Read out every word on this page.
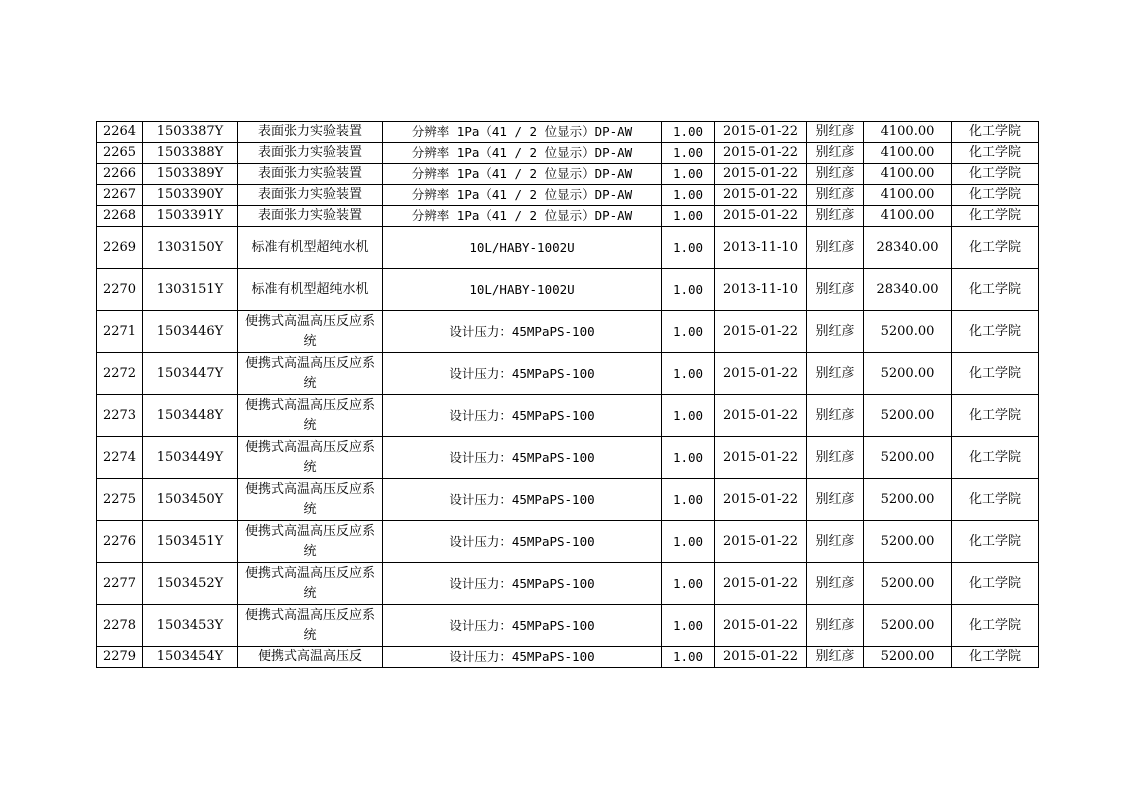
2264	1503387Y	表面张力实验装置	分辨率 1Pa（41 / 2 位显示）DP-AW	1.00	2015-01-22	别红彦	4100.00	化工学院
2265	1503388Y	表面张力实验装置	分辨率 1Pa（41 / 2 位显示）DP-AW	1.00	2015-01-22	别红彦	4100.00	化工学院
2266	1503389Y	表面张力实验装置	分辨率 1Pa（41 / 2 位显示）DP-AW	1.00	2015-01-22	别红彦	4100.00	化工学院
2267	1503390Y	表面张力实验装置	分辨率 1Pa（41 / 2 位显示）DP-AW	1.00	2015-01-22	别红彦	4100.00	化工学院
2268	1503391Y	表面张力实验装置	分辨率 1Pa（41 / 2 位显示）DP-AW	1.00	2015-01-22	别红彦	4100.00	化工学院
2269	1303150Y	标准有机型超纯水机	10L/HABY-1002U	1.00	2013-11-10	别红彦	28340.00	化工学院
2270	1303151Y	标准有机型超纯水机	10L/HABY-1002U	1.00	2013-11-10	别红彦	28340.00	化工学院
2271	1503446Y	便携式高温高压反应系统	设计压力：45MPaPS-100	1.00	2015-01-22	别红彦	5200.00	化工学院
2272	1503447Y	便携式高温高压反应系统	设计压力：45MPaPS-100	1.00	2015-01-22	别红彦	5200.00	化工学院
2273	1503448Y	便携式高温高压反应系统	设计压力：45MPaPS-100	1.00	2015-01-22	别红彦	5200.00	化工学院
2274	1503449Y	便携式高温高压反应系统	设计压力：45MPaPS-100	1.00	2015-01-22	别红彦	5200.00	化工学院
2275	1503450Y	便携式高温高压反应系统	设计压力：45MPaPS-100	1.00	2015-01-22	别红彦	5200.00	化工学院
2276	1503451Y	便携式高温高压反应系统	设计压力：45MPaPS-100	1.00	2015-01-22	别红彦	5200.00	化工学院
2277	1503452Y	便携式高温高压反应系统	设计压力：45MPaPS-100	1.00	2015-01-22	别红彦	5200.00	化工学院
2278	1503453Y	便携式高温高压反应系统	设计压力：45MPaPS-100	1.00	2015-01-22	别红彦	5200.00	化工学院
2279	1503454Y	便携式高温高压反	设计压力：45MPaPS-100	1.00	2015-01-22	别红彦	5200.00	化工学院
